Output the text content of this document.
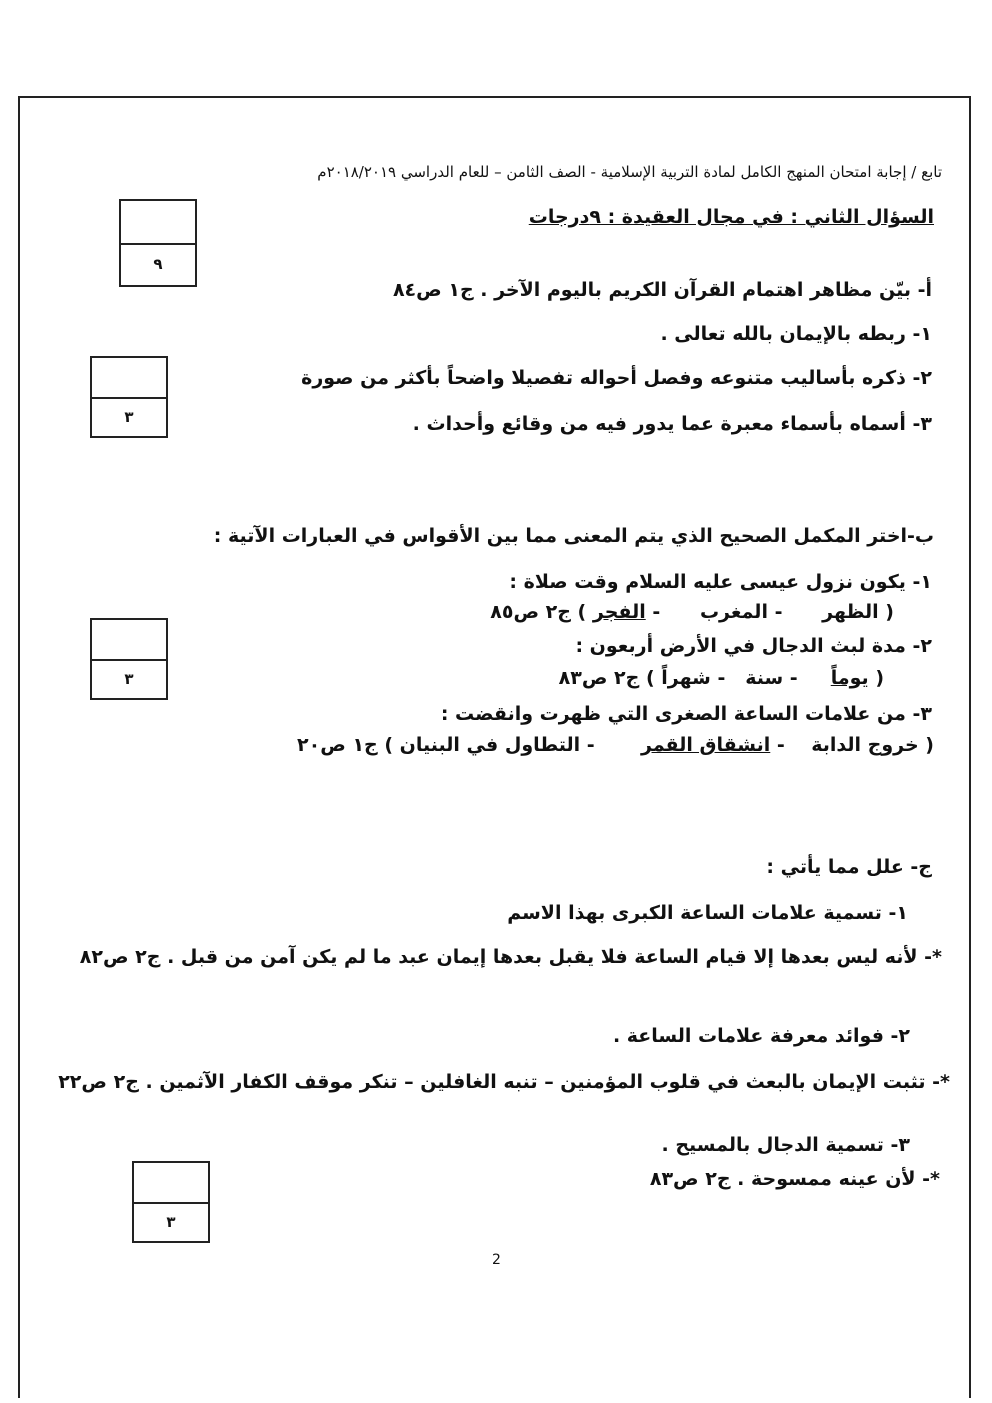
تابع / إجابة امتحان المنهج الكامل لمادة التربية الإسلامية - الصف الثامن – للعام الدراسي ٢٠١٨/٢٠١٩م
السؤال الثاني : في مجال العقيدة : ٩درجات
٩
٣
٣
٣
أ- بيّن مظاهر اهتمام القرآن الكريم باليوم الآخر . ج١ ص٨٤
١- ربطه بالإيمان بالله تعالى .
٢- ذكره بأساليب متنوعه وفصل أحواله تفصيلا واضحاً بأكثر من صورة
٣- أسماه بأسماء معبرة عما يدور فيه من وقائع وأحداث .
ب-اختر المكمل الصحيح الذي يتم المعنى مما بين الأقواس في العبارات الآتية :
١- يكون نزول عيسى عليه السلام وقت صلاة :
( الظهر      - المغرب      - الفجر ) ج٢ ص٨٥
٢- مدة لبث الدجال في الأرض أربعون :
( يوماً     - سنة   - شهراً ) ج٢ ص٨٣
٣- من علامات الساعة الصغرى التي ظهرت وانقضت :
( خروج الدابة    - انشقاق القمر       - التطاول في البنيان ) ج١ ص٢٠
ج- علل مما يأتي :
١- تسمية علامات الساعة الكبرى بهذا الاسم
*- لأنه ليس بعدها إلا قيام الساعة فلا يقبل بعدها إيمان عبد ما لم يكن آمن من قبل . ج٢ ص٨٢
٢- فوائد معرفة علامات الساعة .
*- تثبت الإيمان بالبعث في قلوب المؤمنين – تنبه الغافلين – تنكر موقف الكفار الآثمين . ج٢ ص٢٢
٣- تسمية الدجال بالمسيح .
*- لأن عينه ممسوحة . ج٢ ص٨٣
2
